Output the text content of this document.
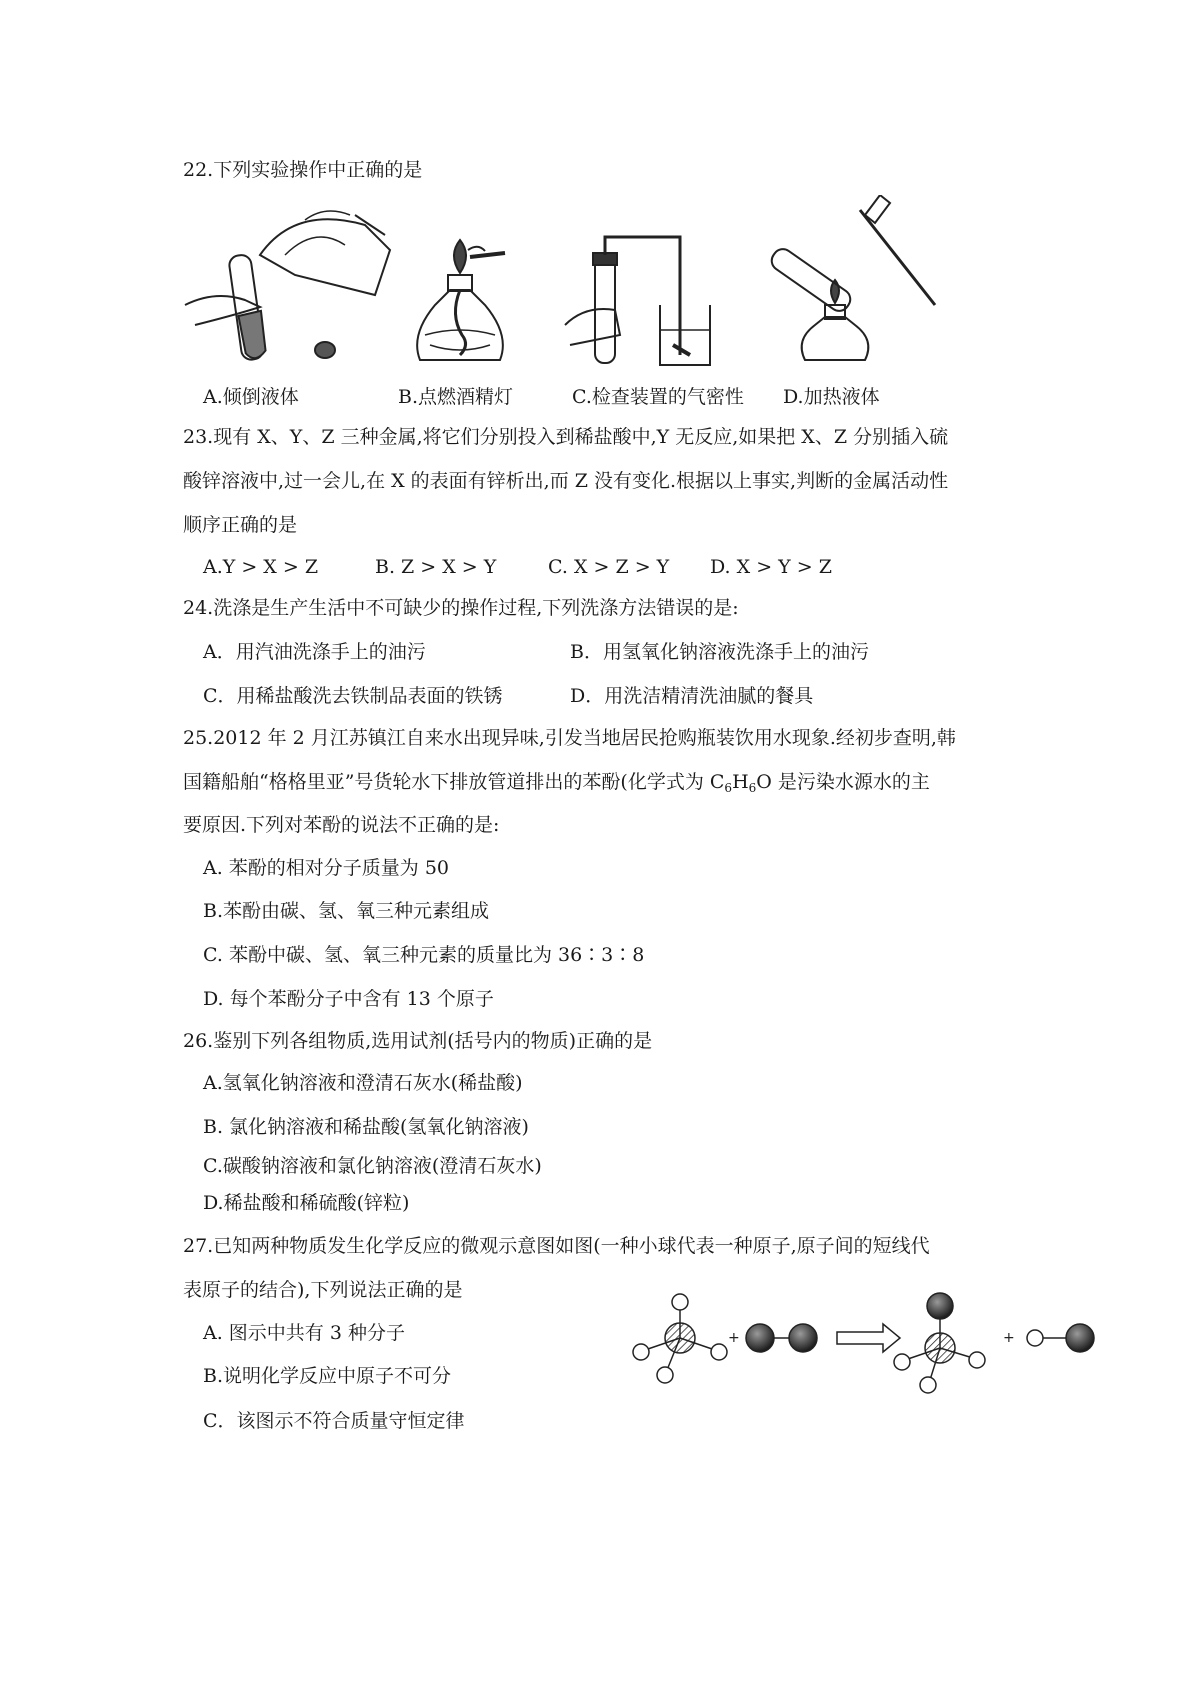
22.下列实验操作中正确的是
A.倾倒液体	B.点燃酒精灯	C.检查装置的气密性 D.加热液体
23.现有 X、Y、Z 三种金属,将它们分别投入到稀盐酸中,Y 无反应,如果把 X、Z 分别插入硫
酸锌溶液中,过一会儿,在 X 的表面有锌析出,而 Z 没有变化.根据以上事实,判断的金属活动性
顺序正确的是
A.Y > X > Z	B. Z > X > Y	C. X > Z > Y D. X > Y > Z
24.洗涤是生产生活中不可缺少的操作过程,下列洗涤方法错误的是:
A．用汽油洗涤手上的油污	B．用氢氧化钠溶液洗涤手上的油污
C．用稀盐酸洗去铁制品表面的铁锈	D．用洗洁精清洗油腻的餐具
25.2012 年 2 月江苏镇江自来水出现异味,引发当地居民抢购瓶装饮用水现象.经初步查明,韩
国籍船舶“格格里亚”号货轮水下排放管道排出的苯酚(化学式为 $C_6H_6O$ 是污染水源水的主
要原因.下列对苯酚的说法不正确的是:
A. 苯酚的相对分子质量为 50
B.苯酚由碳、氢、氧三种元素组成
C. 苯酚中碳、氢、氧三种元素的质量比为 36∶3∶8
D. 每个苯酚分子中含有 13 个原子
26.鉴别下列各组物质,选用试剂(括号内的物质)正确的是
A.氢氧化钠溶液和澄清石灰水(稀盐酸)
B. 氯化钠溶液和稀盐酸(氢氧化钠溶液)
C.碳酸钠溶液和氯化钠溶液(澄清石灰水)
D.稀盐酸和稀硫酸(锌粒)
27.已知两种物质发生化学反应的微观示意图如图(一种小球代表一种原子,原子间的短线代
表原子的结合),下列说法正确的是
A. 图示中共有 3 种分子
B.说明化学反应中原子不可分
C．该图示不符合质量守恒定律
+	+
